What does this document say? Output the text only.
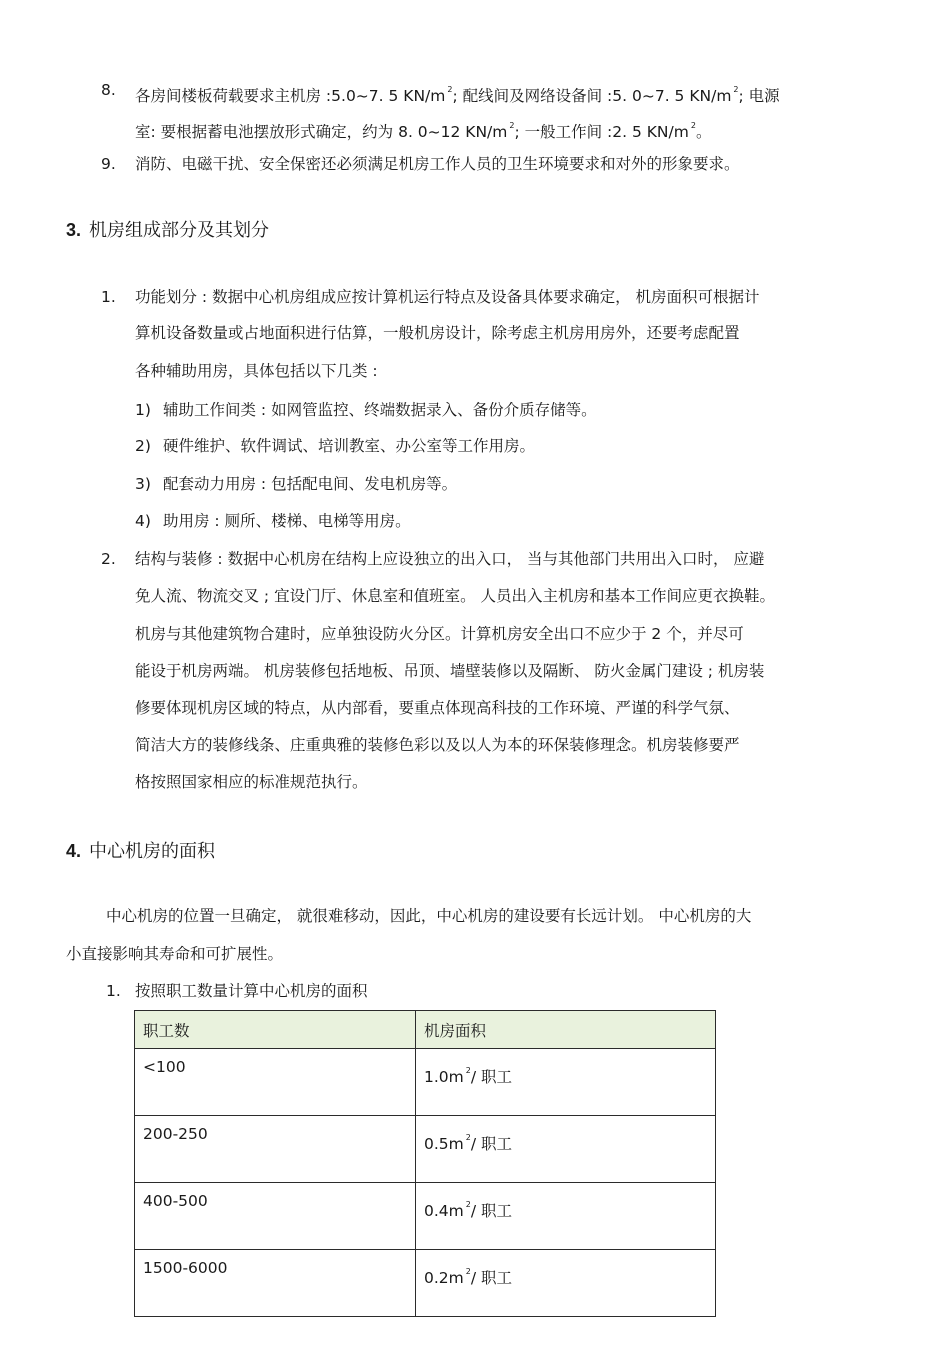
8. 各房间楼板荷载要求主机房 :5.0~7. 5 KN/m $^2$; 配线间及网络设备间 :5. 0~7. 5 KN/m $^2$; 电源
室: 要根据蓄电池摆放形式确定，约为 8. 0~12 KN/m $^2$; 一般工作间 :2. 5 KN/m $^2$。
9. 消防、电磁干扰、安全保密还必须满足机房工作人员的卫生环境要求和对外的形象要求。
3. 机房组成部分及其划分
1. 功能划分 : 数据中心机房组成应按计算机运行特点及设备具体要求确定， 机房面积可根据计
算机设备数量或占地面积进行估算，一般机房设计，除考虑主机房用房外，还要考虑配置
各种辅助用房，具体包括以下几类 :
1) 辅助工作间类 : 如网管监控、终端数据录入、备份介质存储等。
2) 硬件维护、软件调试、培训教室、办公室等工作用房。
3) 配套动力用房 : 包括配电间、发电机房等。
4) 助用房 : 厕所、楼梯、电梯等用房。
2. 结构与装修 : 数据中心机房在结构上应设独立的出入口， 当与其他部门共用出入口时， 应避
免人流、物流交叉 ; 宜设门厅、休息室和值班室。 人员出入主机房和基本工作间应更衣换鞋。
机房与其他建筑物合建时，应单独设防火分区。计算机房安全出口不应少于 2 个，并尽可
能设于机房两端。 机房装修包括地板、吊顶、墙壁装修以及隔断、 防火金属门建设 ; 机房装
修要体现机房区域的特点，从内部看，要重点体现高科技的工作环境、严谨的科学气氛、
简洁大方的装修线条、庄重典雅的装修色彩以及以人为本的环保装修理念。机房装修要严
格按照国家相应的标准规范执行。
4. 中心机房的面积
中心机房的位置一旦确定， 就很难移动，因此，中心机房的建设要有长远计划。 中心机房的大
小直接影响其寿命和可扩展性。
1. 按照职工数量计算中心机房的面积
职工数	机房面积
<100	1.0m $^2$/ 职工
200-250	0.5m $^2$/ 职工
400-500	0.4m $^2$/ 职工
1500-6000	0.2m $^2$/ 职工
